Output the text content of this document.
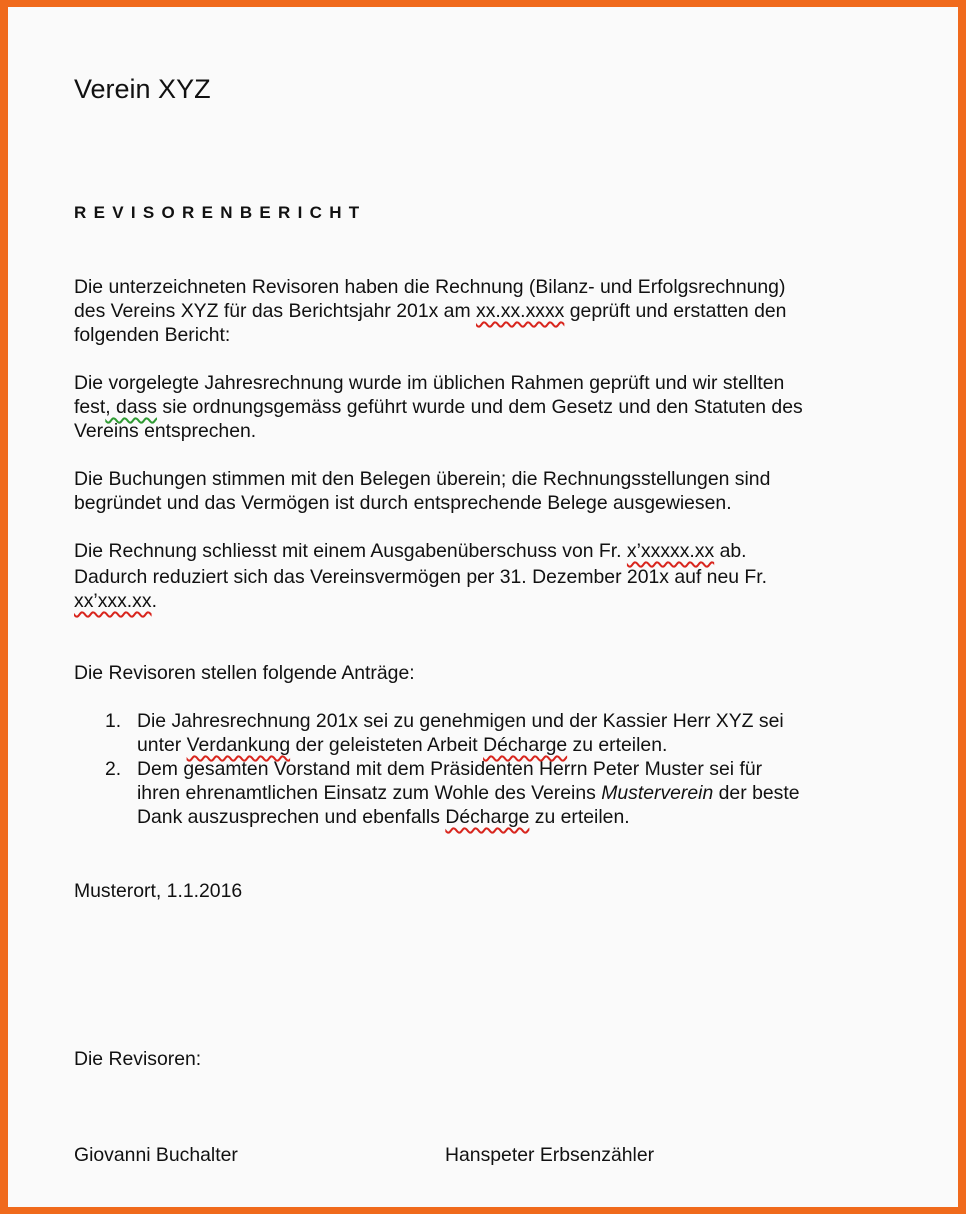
Verein XYZ
REVISORENBERICHT
Die unterzeichneten Revisoren haben die Rechnung (Bilanz- und Erfolgsrechnung)
des Vereins XYZ für das Berichtsjahr 201x am xx.xx.xxxx geprüft und erstatten den
folgenden Bericht:
Die vorgelegte Jahresrechnung wurde im üblichen Rahmen geprüft und wir stellten
fest, dass sie ordnungsgemäss geführt wurde und dem Gesetz und den Statuten des
Vereins entsprechen.
Die Buchungen stimmen mit den Belegen überein; die Rechnungsstellungen sind
begründet und das Vermögen ist durch entsprechende Belege ausgewiesen.
Die Rechnung schliesst mit einem Ausgabenüberschuss von Fr. x’xxxxx.xx ab.
Dadurch reduziert sich das Vereinsvermögen per 31. Dezember 201x auf neu Fr.
xx’xxx.xx.
Die Revisoren stellen folgende Anträge:
1. Die Jahresrechnung 201x sei zu genehmigen und der Kassier Herr XYZ sei
unter Verdankung der geleisteten Arbeit Décharge zu erteilen.
2. Dem gesamten Vorstand mit dem Präsidenten Herrn Peter Muster sei für
ihren ehrenamtlichen Einsatz zum Wohle des Vereins Musterverein der beste
Dank auszusprechen und ebenfalls Décharge zu erteilen.
Musterort, 1.1.2016
Die Revisoren:
Giovanni Buchalter	Hanspeter Erbsenzähler
